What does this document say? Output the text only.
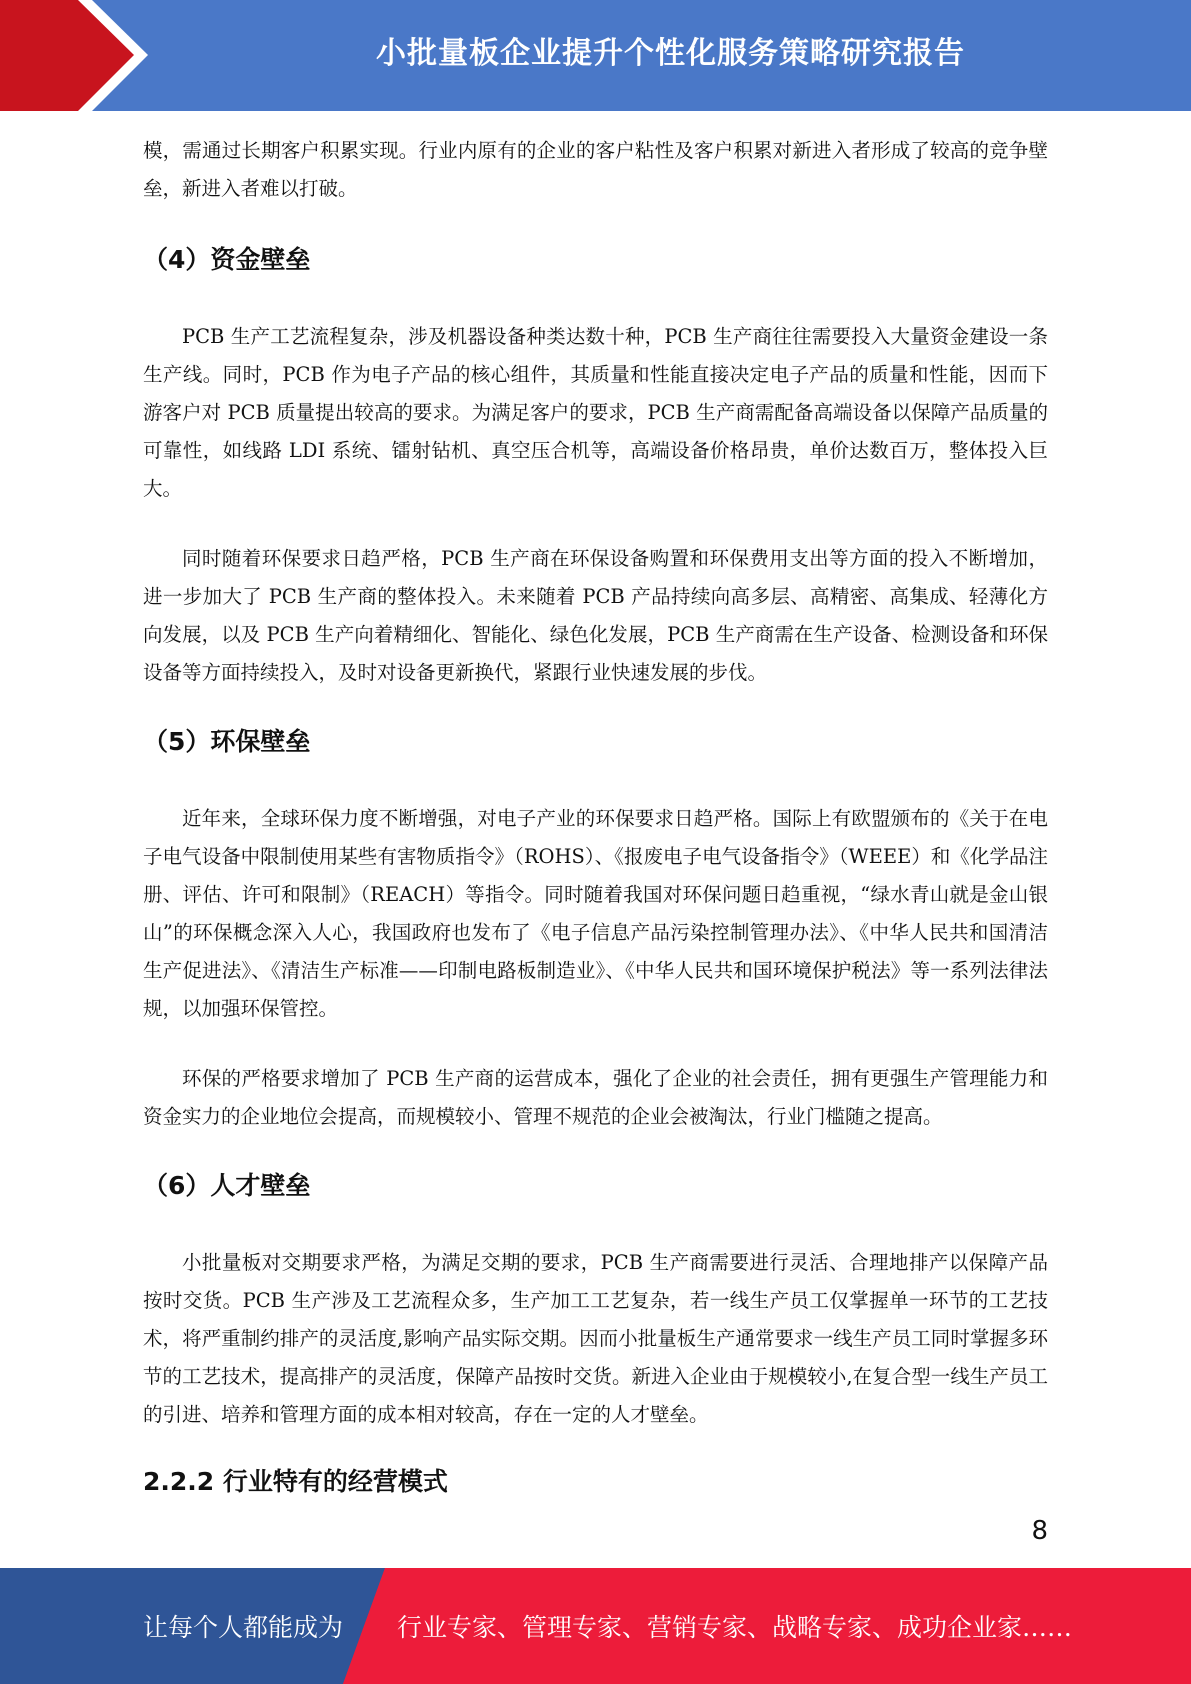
小批量板企业提升个性化服务策略研究报告

模，需通过长期客户积累实现。行业内原有的企业的客户粘性及客户积累对新进入者形成了较高的竞争壁垒，新进入者难以打破。

（4）资金壁垒

PCB 生产工艺流程复杂，涉及机器设备种类达数十种，PCB 生产商往往需要投入大量资金建设一条生产线。同时，PCB 作为电子产品的核心组件，其质量和性能直接决定电子产品的质量和性能，因而下游客户对 PCB 质量提出较高的要求。为满足客户的要求，PCB 生产商需配备高端设备以保障产品质量的可靠性，如线路 LDI 系统、镭射钻机、真空压合机等，高端设备价格昂贵，单价达数百万，整体投入巨大。

同时随着环保要求日趋严格，PCB 生产商在环保设备购置和环保费用支出等方面的投入不断增加，进一步加大了 PCB 生产商的整体投入。未来随着 PCB 产品持续向高多层、高精密、高集成、轻薄化方向发展，以及 PCB 生产向着精细化、智能化、绿色化发展，PCB 生产商需在生产设备、检测设备和环保设备等方面持续投入，及时对设备更新换代，紧跟行业快速发展的步伐。

（5）环保壁垒

近年来，全球环保力度不断增强，对电子产业的环保要求日趋严格。国际上有欧盟颁布的《关于在电子电气设备中限制使用某些有害物质指令》（ROHS）、《报废电子电气设备指令》（WEEE）和《化学品注册、评估、许可和限制》（REACH）等指令。同时随着我国对环保问题日趋重视，“绿水青山就是金山银山”的环保概念深入人心，我国政府也发布了《电子信息产品污染控制管理办法》、《中华人民共和国清洁生产促进法》、《清洁生产标准——印制电路板制造业》、《中华人民共和国环境保护税法》等一系列法律法规，以加强环保管控。

环保的严格要求增加了 PCB 生产商的运营成本，强化了企业的社会责任，拥有更强生产管理能力和资金实力的企业地位会提高，而规模较小、管理不规范的企业会被淘汰，行业门槛随之提高。

（6）人才壁垒

小批量板对交期要求严格，为满足交期的要求，PCB 生产商需要进行灵活、合理地排产以保障产品按时交货。PCB 生产涉及工艺流程众多，生产加工工艺复杂，若一线生产员工仅掌握单一环节的工艺技术，将严重制约排产的灵活度,影响产品实际交期。因而小批量板生产通常要求一线生产员工同时掌握多环节的工艺技术，提高排产的灵活度，保障产品按时交货。新进入企业由于规模较小,在复合型一线生产员工的引进、培养和管理方面的成本相对较高，存在一定的人才壁垒。

2.2.2 行业特有的经营模式
8
让每个人都能成为 行业专家、管理专家、营销专家、战略专家、成功企业家……
